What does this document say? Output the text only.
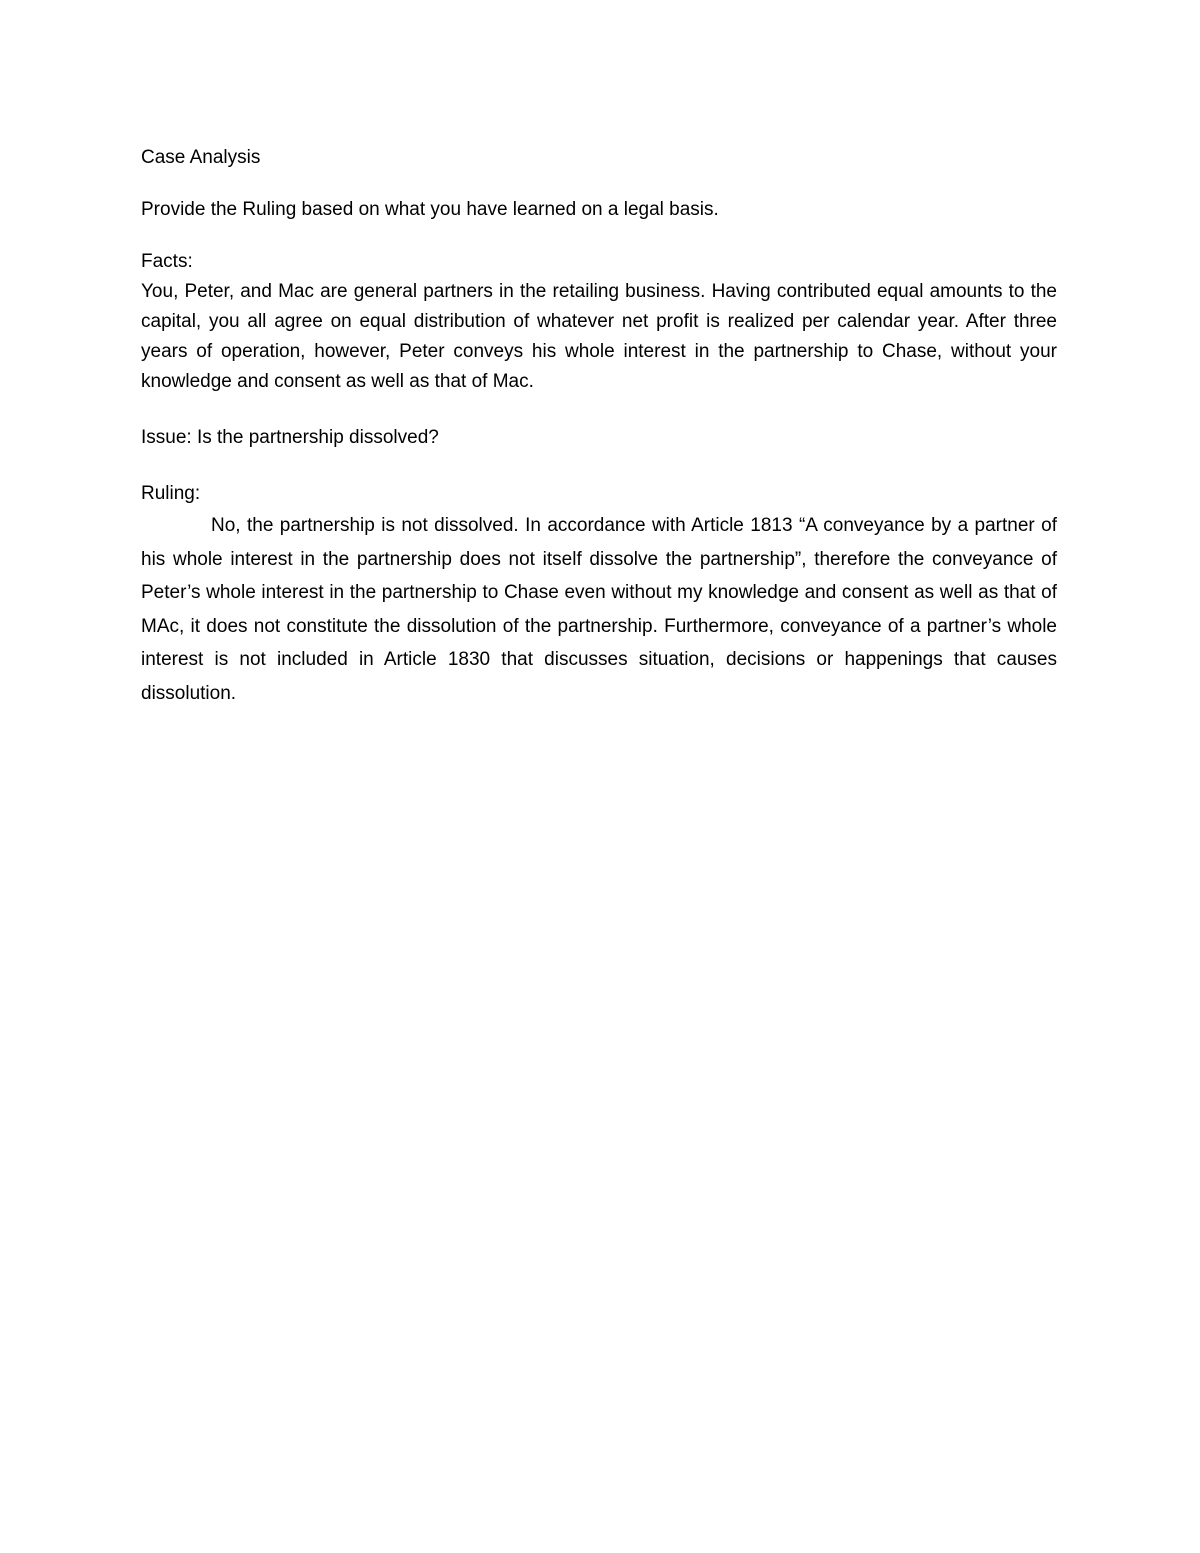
Case Analysis

Provide the Ruling based on what you have learned on a legal basis.

Facts:

You, Peter, and Mac are general partners in the retailing business. Having contributed equal amounts to the capital, you all agree on equal distribution of whatever net profit is realized per calendar year. After three years of operation, however, Peter conveys his whole interest in the partnership to Chase, without your knowledge and consent as well as that of Mac.

Issue: Is the partnership dissolved?

Ruling:

No, the partnership is not dissolved. In accordance with Article 1813 “A conveyance by a partner of his whole interest in the partnership does not itself dissolve the partnership”, therefore the conveyance of Peter’s whole interest in the partnership to Chase even without my knowledge and consent as well as that of MAc, it does not constitute the dissolution of the partnership. Furthermore, conveyance of a partner’s whole interest is not included in Article 1830 that discusses situation, decisions or happenings that causes dissolution.
